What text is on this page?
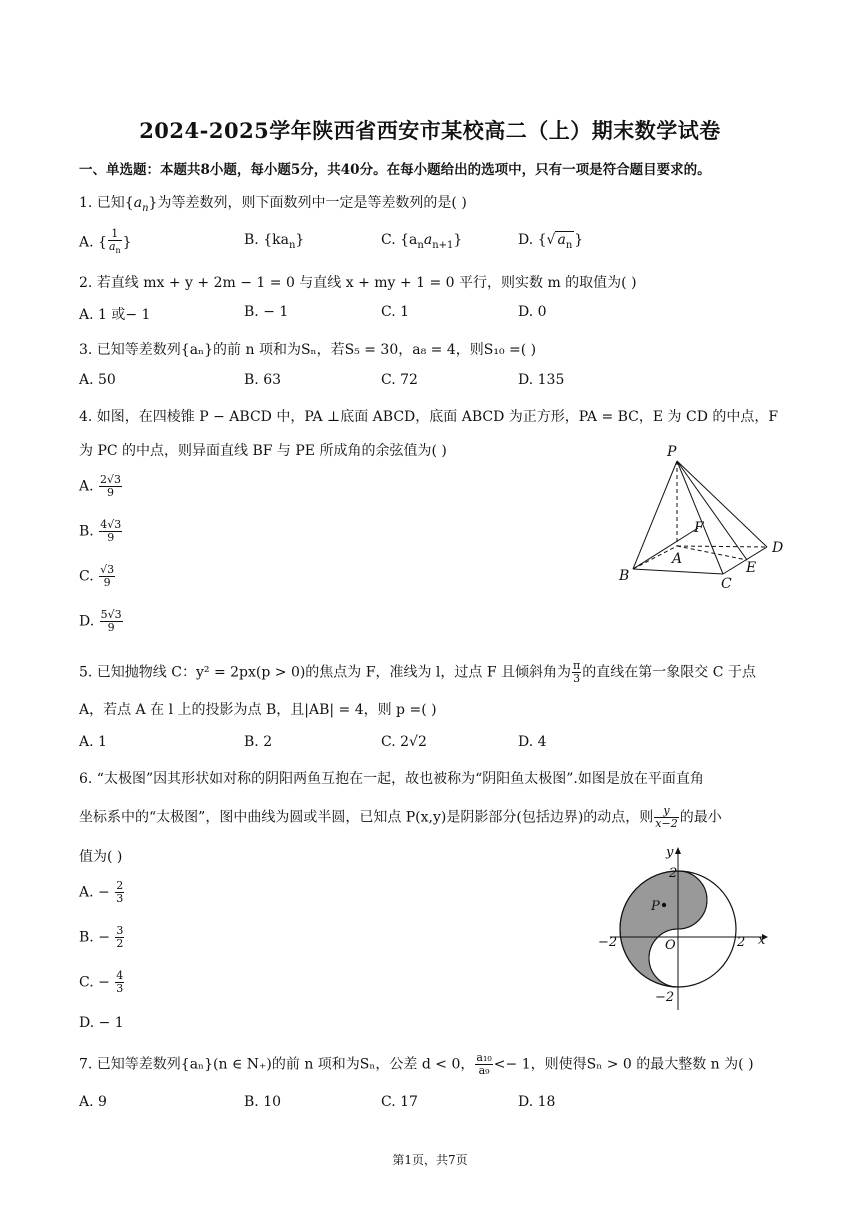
2024-2025学年陕西省西安市某校高二（上）期末数学试卷
一、单选题：本题共8小题，每小题5分，共40分。在每小题给出的选项中，只有一项是符合题目要求的。
1. 已知$\{a_n\}$为等差数列，则下面数列中一定是等差数列的是( )
A. { $\frac{1}{a_n}$ }	B. $\{ka_n\}$	C. $\{a_na_{n+1}\}$	D. {√ $a_n$ }
2. 若直线 mx + y + 2m − 1 = 0 与直线 x + my + 1 = 0 平行，则实数 m 的取值为( )
A. 1 或− 1	B. − 1	C. 1	D. 0
3. 已知等差数列{aₙ}的前 n 项和为Sₙ，若S₅ = 30，a₈ = 4，则S₁₀ =( )
A. 50	B. 63	C. 72	D. 135
4. 如图，在四棱锥 P − ABCD 中，PA ⊥底面 ABCD，底面 ABCD 为正方形，PA = BC，E 为 CD 的中点，F
为 PC 的中点，则异面直线 BF 与 PE 所成角的余弦值为( )
A. $\frac{2√3}{9}$
B. $\frac{4√3}{9}$
C. $\frac{√3}{9}$
D. $\frac{5√3}{9}$
P
A
B	C
D
E
F
5. 已知抛物线 C：y² = 2px(p > 0)的焦点为 F，准线为 l，过点 F 且倾斜角为 $\frac{\pi}{3}$ 的直线在第一象限交 C 于点
A，若点 A 在 l 上的投影为点 B，且|AB| = 4，则 p =( )
A. 1	B. 2	C. 2√2	D. 4
6. “太极图”因其形状如对称的阴阳两鱼互抱在一起，故也被称为“阴阳鱼太极图”.如图是放在平面直角
坐标系中的“太极图”，图中曲线为圆或半圆，已知点 P(x,y)是阴影部分(包括边界)的动点，则 $\frac{y}{x-2}$ 的最小
值为( )
A. − $\frac{2}{3}$
B. − $\frac{3}{2}$
C. − $\frac{4}{3}$
D. − 1
y
x
2
−2	O	2
−2
P
7. 已知等差数列{aₙ}(n ∈ N₊)的前 n 项和为Sₙ，公差 d < 0， $\frac{\text{a₁₀}}{\text{a₉}} <- 1$，则使得Sₙ > 0 的最大整数 n 为( )
A. 9	B. 10	C. 17	D. 18
第1页，共7页
